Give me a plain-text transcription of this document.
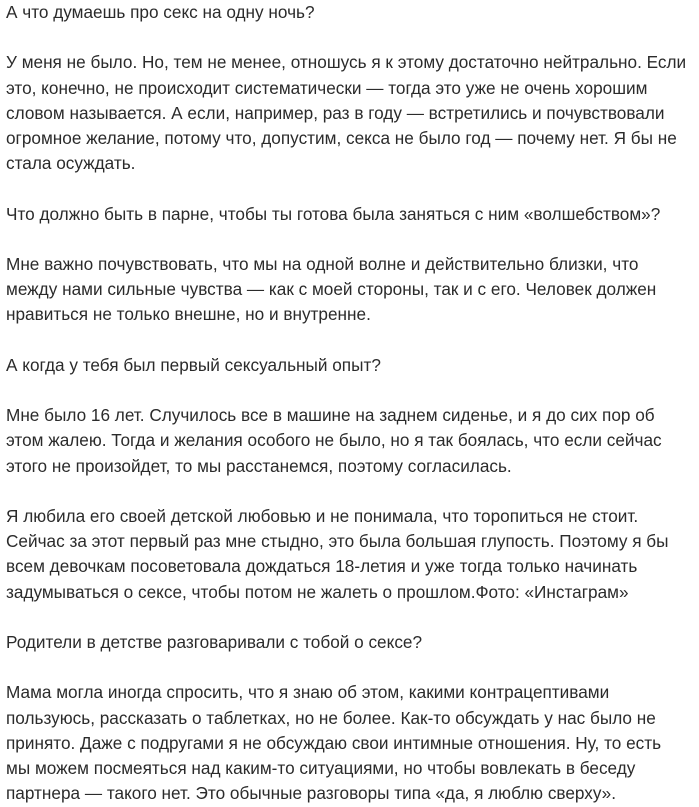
А что думаешь про секс на одну ночь?

У меня не было. Но, тем не менее, отношусь я к этому достаточно нейтрально. Если это, конечно, не происходит систематически — тогда это уже не очень хорошим словом называется. А если, например, раз в году — встретились и почувствовали огромное желание, потому что, допустим, секса не было год — почему нет. Я бы не стала осуждать.

Что должно быть в парне, чтобы ты готова была заняться с ним «волшебством»?

Мне важно почувствовать, что мы на одной волне и действительно близки, что между нами сильные чувства — как с моей стороны, так и с его. Человек должен нравиться не только внешне, но и внутренне.

А когда у тебя был первый сексуальный опыт?

Мне было 16 лет. Случилось все в машине на заднем сиденье, и я до сих пор об этом жалею. Тогда и желания особого не было, но я так боялась, что если сейчас этого не произойдет, то мы расстанемся, поэтому согласилась.

Я любила его своей детской любовью и не понимала, что торопиться не стоит. Сейчас за этот первый раз мне стыдно, это была большая глупость. Поэтому я бы всем девочкам посоветовала дождаться 18-летия и уже тогда только начинать задумываться о сексе, чтобы потом не жалеть о прошлом.Фото: «Инстаграм»

Родители в детстве разговаривали с тобой о сексе?

Мама могла иногда спросить, что я знаю об этом, какими контрацептивами пользуюсь, рассказать о таблетках, но не более. Как-то обсуждать у нас было не принято. Даже с подругами я не обсуждаю свои интимные отношения. Ну, то есть мы можем посмеяться над каким-то ситуациями, но чтобы вовлекать в беседу партнера — такого нет. Это обычные разговоры типа «да, я люблю сверху».
